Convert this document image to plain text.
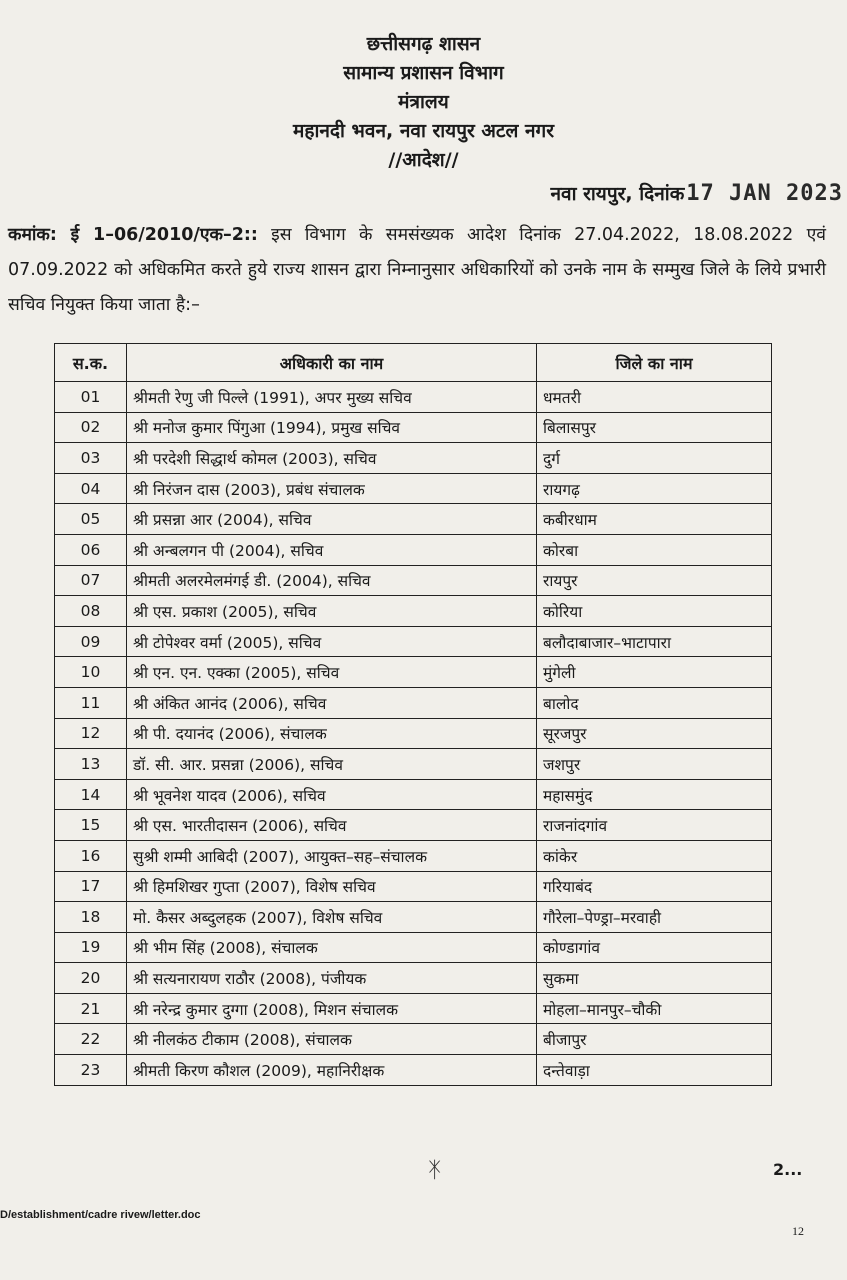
छत्तीसगढ़ शासन
सामान्य प्रशासन विभाग
मंत्रालय
महानदी भवन, नवा रायपुर अटल नगर
//आदेश//
नवा रायपुर, दिनांक17 JAN 2023
कमांक: ई 1–06/2010/एक–2:: इस विभाग के समसंख्यक आदेश दिनांक 27.04.2022, 18.08.2022 एवं 07.09.2022 को अधिकमित करते हुये राज्य शासन द्वारा निम्नानुसार अधिकारियों को उनके नाम के सम्मुख जिले के लिये प्रभारी सचिव नियुक्त किया जाता है:–
स.क.	अधिकारी का नाम	जिले का नाम
01	श्रीमती रेणु जी पिल्ले (1991), अपर मुख्य सचिव	धमतरी
02	श्री मनोज कुमार पिंगुआ (1994), प्रमुख सचिव	बिलासपुर
03	श्री परदेशी सिद्धार्थ कोमल (2003), सचिव	दुर्ग
04	श्री निरंजन दास (2003), प्रबंध संचालक	रायगढ़
05	श्री प्रसन्ना आर (2004), सचिव	कबीरधाम
06	श्री अन्बलगन पी (2004), सचिव	कोरबा
07	श्रीमती अलरमेलमंगई डी. (2004), सचिव	रायपुर
08	श्री एस. प्रकाश (2005), सचिव	कोरिया
09	श्री टोपेश्वर वर्मा (2005), सचिव	बलौदाबाजार–भाटापारा
10	श्री एन. एन. एक्का (2005), सचिव	मुंगेली
11	श्री अंकित आनंद (2006), सचिव	बालोद
12	श्री पी. दयानंद (2006), संचालक	सूरजपुर
13	डॉ. सी. आर. प्रसन्ना (2006), सचिव	जशपुर
14	श्री भूवनेश यादव (2006), सचिव	महासमुंद
15	श्री एस. भारतीदासन (2006), सचिव	राजनांदगांव
16	सुश्री शम्मी आबिदी (2007), आयुक्त–सह–संचालक	कांकेर
17	श्री हिमशिखर गुप्ता (2007), विशेष सचिव	गरियाबंद
18	मो. कैसर अब्दुलहक (2007), विशेष सचिव	गौरेला–पेण्ड्रा–मरवाही
19	श्री भीम सिंह (2008), संचालक	कोण्डागांव
20	श्री सत्यनारायण राठौर (2008), पंजीयक	सुकमा
21	श्री नरेन्द्र कुमार दुग्गा (2008), मिशन संचालक	मोहला–मानपुर–चौकी
22	श्री नीलकंठ टीकाम (2008), संचालक	बीजापुर
23	श्रीमती किरण कौशल (2009), महानिरीक्षक	दन्तेवाड़ा
ᛡ	2...
D/establishment/cadre rivew/letter.doc
12
